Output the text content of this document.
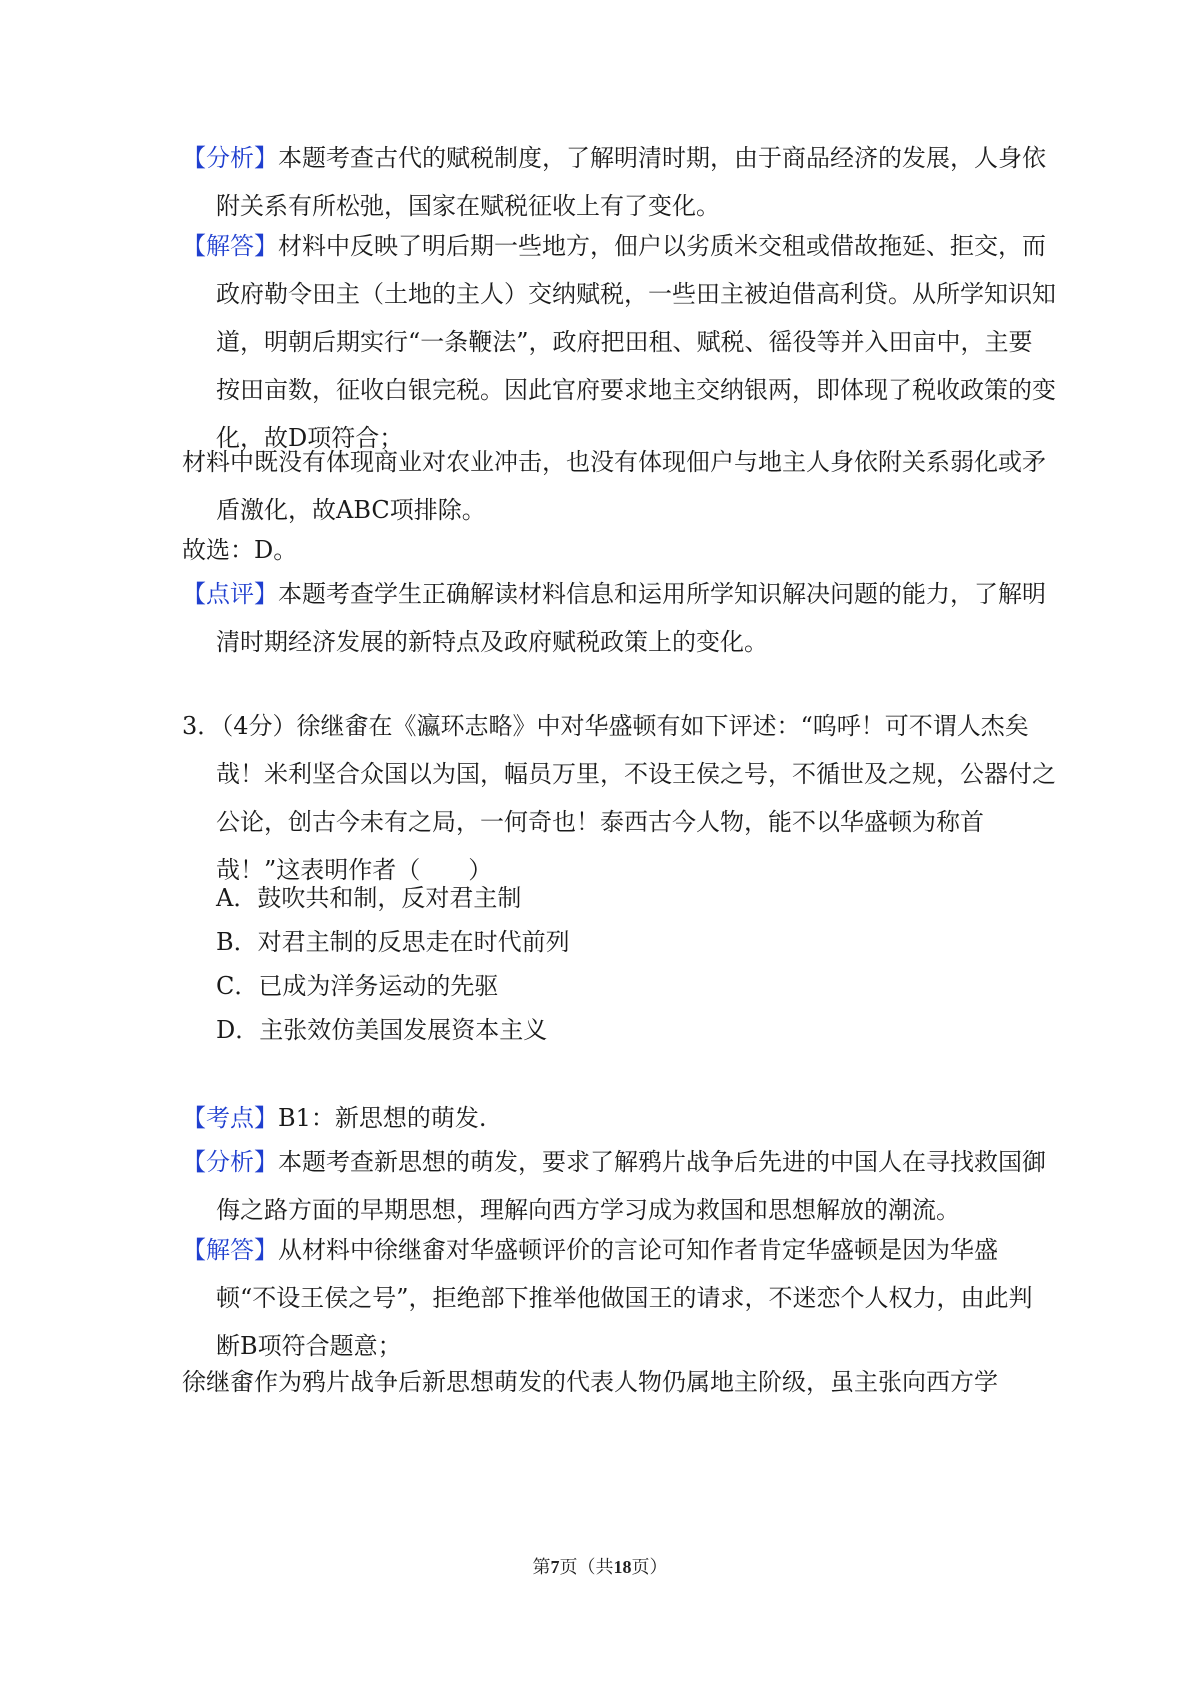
【分析】本题考查古代的赋税制度，了解明清时期，由于商品经济的发展，人身依附关系有所松弛，国家在赋税征收上有了变化。
【解答】材料中反映了明后期一些地方，佃户以劣质米交租或借故拖延、拒交，而政府勒令田主（土地的主人）交纳赋税，一些田主被迫借高利贷。从所学知识知道，明朝后期实行“一条鞭法”，政府把田租、赋税、徭役等并入田亩中，主要按田亩数，征收白银完税。因此官府要求地主交纳银两，即体现了税收政策的变化，故D项符合；
材料中既没有体现商业对农业冲击，也没有体现佃户与地主人身依附关系弱化或矛盾激化，故ABC项排除。
故选：D。
【点评】本题考查学生正确解读材料信息和运用所学知识解决问题的能力，了解明清时期经济发展的新特点及政府赋税政策上的变化。
3．（4分）徐继畬在《瀛环志略》中对华盛顿有如下评述：“呜呼！可不谓人杰矣哉！米利坚合众国以为国，幅员万里，不设王侯之号，不循世及之规，公器付之公论，创古今未有之局，一何奇也！泰西古今人物，能不以华盛顿为称首哉！”这表明作者（　　）
A．鼓吹共和制，反对君主制
B．对君主制的反思走在时代前列
C．已成为洋务运动的先驱
D．主张效仿美国发展资本主义
【考点】B1：新思想的萌发.
【分析】本题考查新思想的萌发，要求了解鸦片战争后先进的中国人在寻找救国御侮之路方面的早期思想，理解向西方学习成为救国和思想解放的潮流。
【解答】从材料中徐继畬对华盛顿评价的言论可知作者肯定华盛顿是因为华盛顿“不设王侯之号”，拒绝部下推举他做国王的请求，不迷恋个人权力，由此判断B项符合题意；
徐继畬作为鸦片战争后新思想萌发的代表人物仍属地主阶级，虽主张向西方学
第7页（共18页）
